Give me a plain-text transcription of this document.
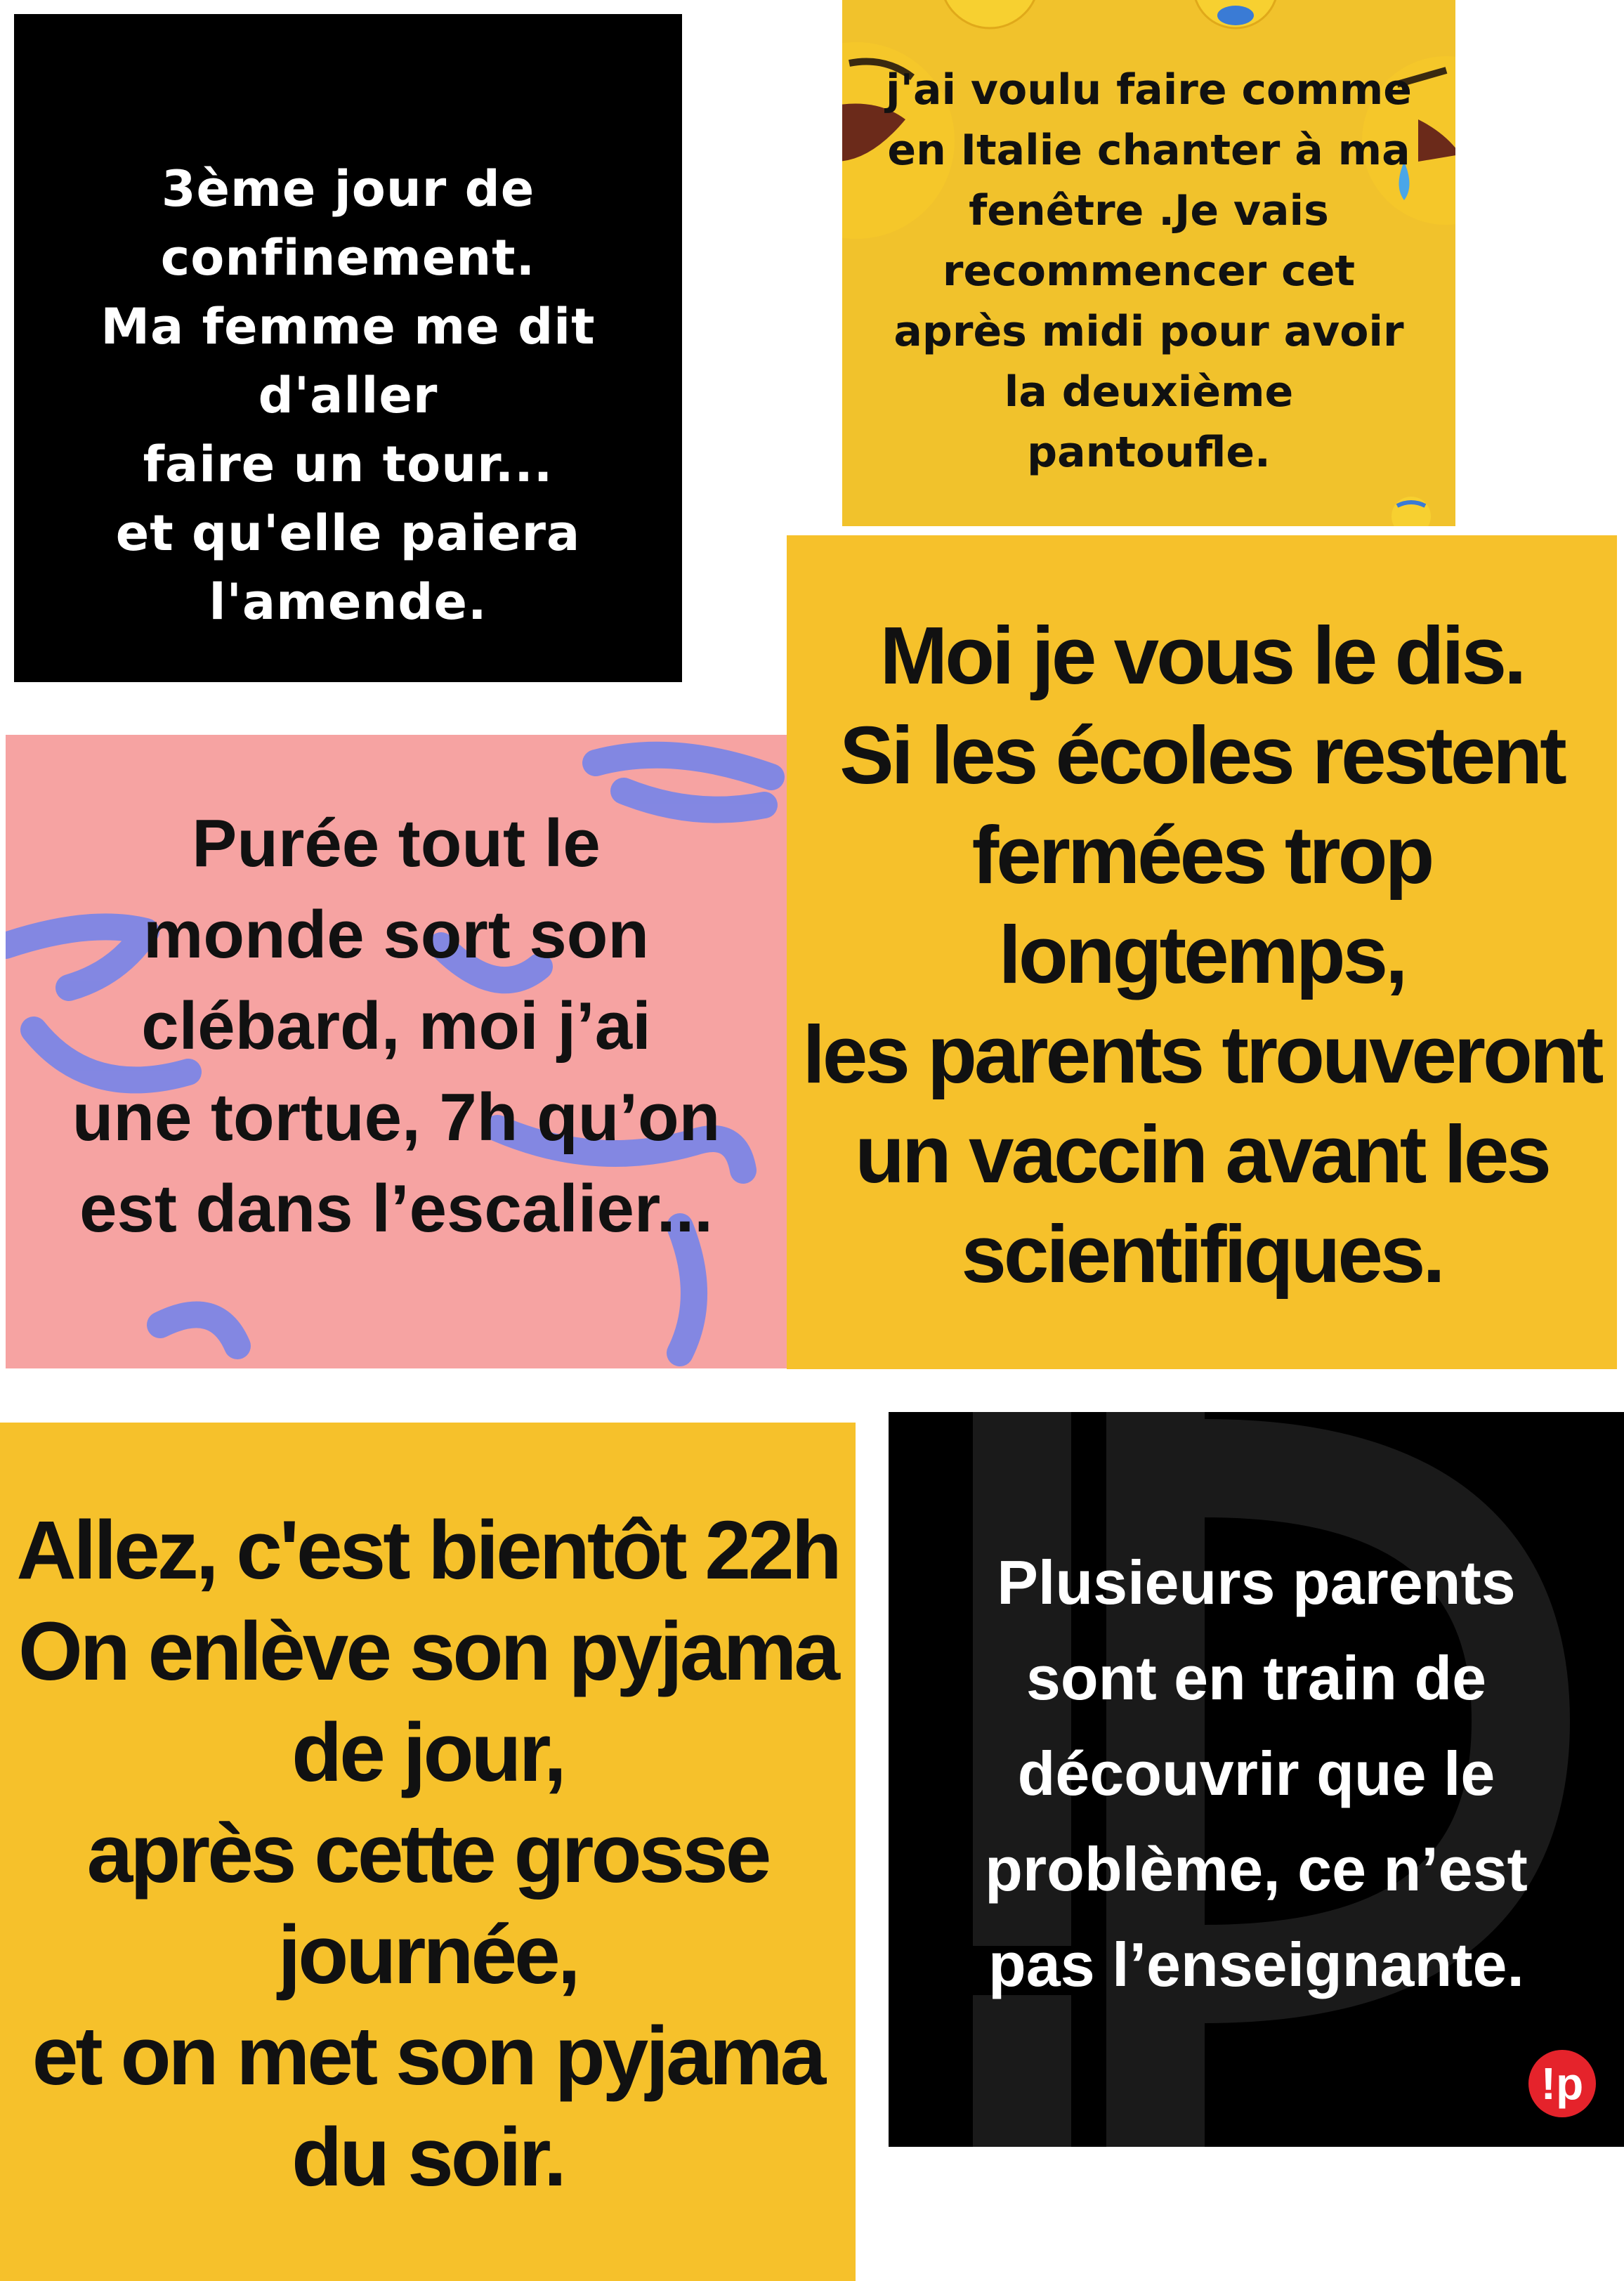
3ème jour de
confinement.
Ma femme me dit d'aller
faire un tour...
et qu'elle paiera
l'amende.

j'ai voulu faire comme
en Italie chanter à ma
fenêtre .Je vais
recommencer cet
après midi pour avoir
la deuxième
pantoufle.

Moi je vous le dis.
Si les écoles restent
fermées trop
longtemps,
les parents trouveront
un vaccin avant les
scientifiques.

Purée tout le
monde sort son
clébard, moi j’ai
une tortue, 7h qu’on
est dans l’escalier...

Allez, c'est bientôt 22h
On enlève son pyjama
de jour,
après cette grosse
journée,
et on met son pyjama
du soir.

Plusieurs parents
sont en train de
découvrir que le
problème, ce n’est
pas l’enseignante.

!p
